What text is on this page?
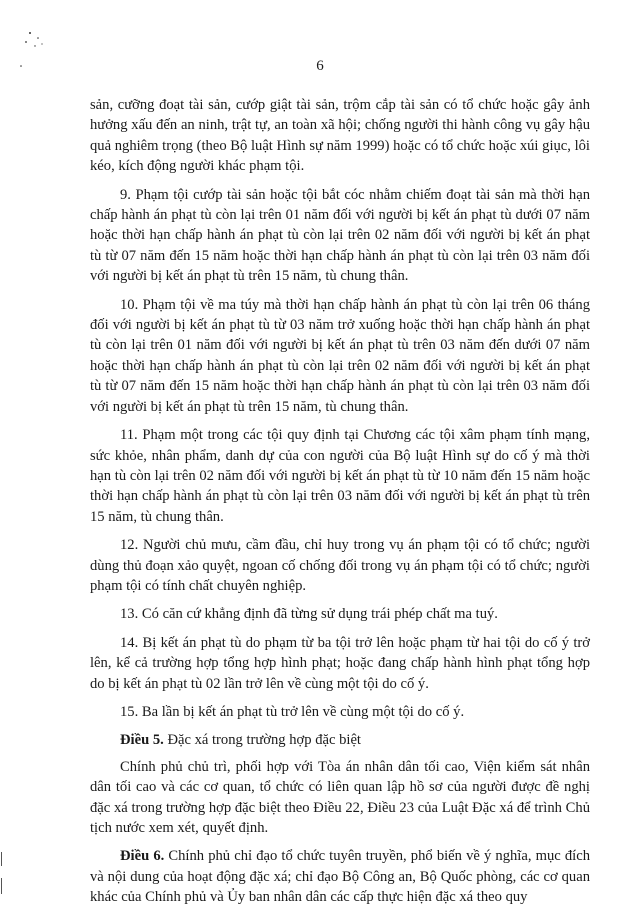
6

sản, cưỡng đoạt tài sản, cướp giật tài sản, trộm cắp tài sản có tổ chức hoặc gây ảnh hưởng xấu đến an ninh, trật tự, an toàn xã hội; chống người thi hành công vụ gây hậu quả nghiêm trọng (theo Bộ luật Hình sự năm 1999) hoặc có tổ chức hoặc xúi giục, lôi kéo, kích động người khác phạm tội.

9. Phạm tội cướp tài sản hoặc tội bắt cóc nhằm chiếm đoạt tài sản mà thời hạn chấp hành án phạt tù còn lại trên 01 năm đối với người bị kết án phạt tù dưới 07 năm hoặc thời hạn chấp hành án phạt tù còn lại trên 02 năm đối với người bị kết án phạt tù từ 07 năm đến 15 năm hoặc thời hạn chấp hành án phạt tù còn lại trên 03 năm đối với người bị kết án phạt tù trên 15 năm, tù chung thân.

10. Phạm tội về ma túy mà thời hạn chấp hành án phạt tù còn lại trên 06 tháng đối với người bị kết án phạt tù từ 03 năm trở xuống hoặc thời hạn chấp hành án phạt tù còn lại trên 01 năm đối với người bị kết án phạt tù trên 03 năm đến dưới 07 năm hoặc thời hạn chấp hành án phạt tù còn lại trên 02 năm đối với người bị kết án phạt tù từ 07 năm đến 15 năm hoặc thời hạn chấp hành án phạt tù còn lại trên 03 năm đối với người bị kết án phạt tù trên 15 năm, tù chung thân.

11. Phạm một trong các tội quy định tại Chương các tội xâm phạm tính mạng, sức khỏe, nhân phẩm, danh dự của con người của Bộ luật Hình sự do cố ý mà thời hạn tù còn lại trên 02 năm đối với người bị kết án phạt tù từ 10 năm đến 15 năm hoặc thời hạn chấp hành án phạt tù còn lại trên 03 năm đối với người bị kết án phạt tù trên 15 năm, tù chung thân.

12. Người chủ mưu, cầm đầu, chỉ huy trong vụ án phạm tội có tổ chức; người dùng thủ đoạn xảo quyệt, ngoan cố chống đối trong vụ án phạm tội có tổ chức; người phạm tội có tính chất chuyên nghiệp.

13. Có căn cứ khẳng định đã từng sử dụng trái phép chất ma tuý.

14. Bị kết án phạt tù do phạm từ ba tội trở lên hoặc phạm từ hai tội do cố ý trở lên, kể cả trường hợp tổng hợp hình phạt; hoặc đang chấp hành hình phạt tổng hợp do bị kết án phạt tù 02 lần trở lên về cùng một tội do cố ý.

15. Ba lần bị kết án phạt tù trở lên về cùng một tội do cố ý.

Điều 5. Đặc xá trong trường hợp đặc biệt

Chính phủ chủ trì, phối hợp với Tòa án nhân dân tối cao, Viện kiểm sát nhân dân tối cao và các cơ quan, tổ chức có liên quan lập hồ sơ của người được đề nghị đặc xá trong trường hợp đặc biệt theo Điều 22, Điều 23 của Luật Đặc xá để trình Chủ tịch nước xem xét, quyết định.

Điều 6. Chính phủ chỉ đạo tổ chức tuyên truyền, phổ biến về ý nghĩa, mục đích và nội dung của hoạt động đặc xá; chỉ đạo Bộ Công an, Bộ Quốc phòng, các cơ quan khác của Chính phủ và Ủy ban nhân dân các cấp thực hiện đặc xá theo quy
